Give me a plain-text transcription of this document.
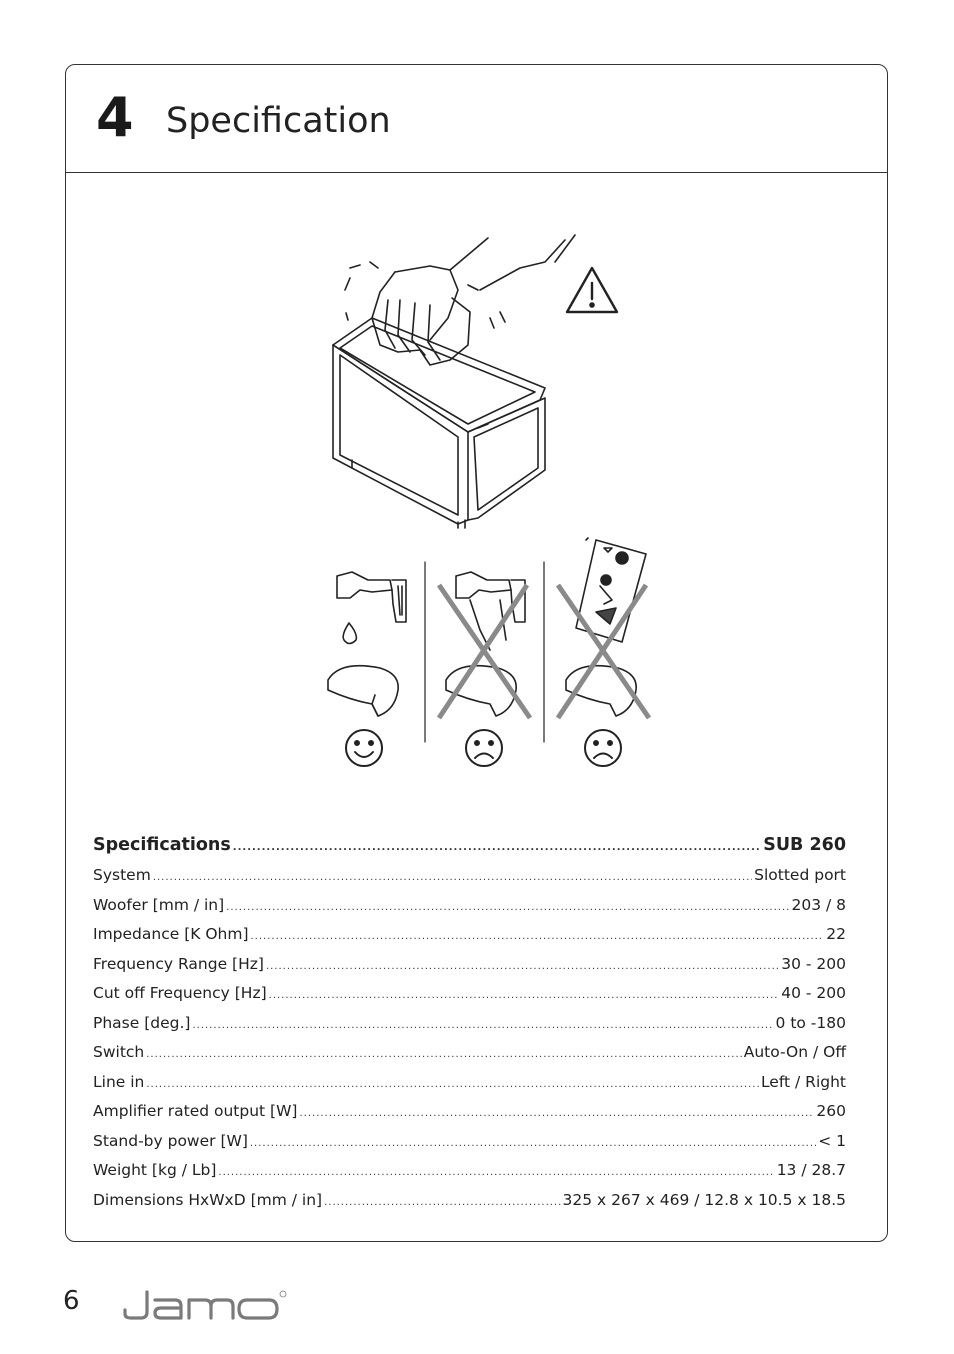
4 Specification
Specifications .....	SUB 260
System .....	Slotted port
Woofer [mm / in] .....	203 / 8
Impedance [K Ohm] .....	22
Frequency Range [Hz] .....	30 - 200
Cut off Frequency [Hz] .....	40 - 200
Phase [deg.] .....	0 to -180
Switch .....	Auto-On / Off
Line in .....	Left / Right
Amplifier rated output [W] .....	260
Stand-by power [W] .....	< 1
Weight [kg / Lb] .....	13 / 28.7
Dimensions HxWxD [mm / in] .....	325 x 267 x 469 / 12.8 x 10.5 x 18.5
6
